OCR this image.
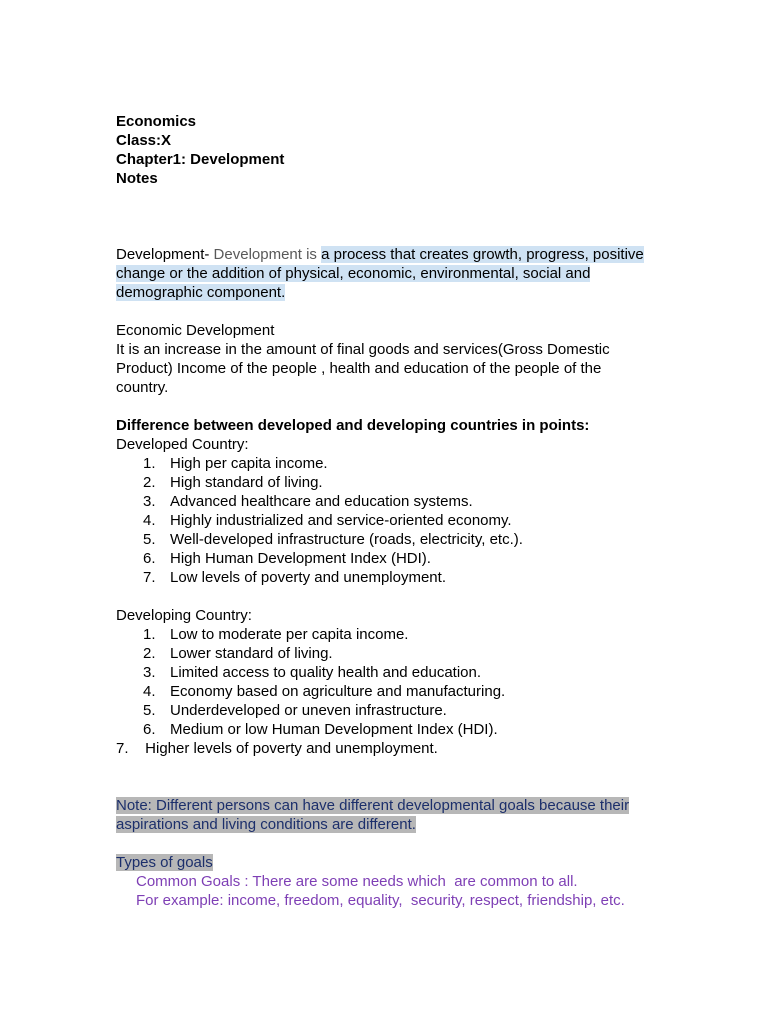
Economics
Class:X
Chapter1: Development
Notes
Development- Development is a process that creates growth, progress, positive change or the addition of physical, economic, environmental, social and demographic component.
Economic Development
It is an increase in the amount of final goods and services(Gross Domestic Product) Income of the people , health and education of the people of the country.
Difference between developed and developing countries in points:
Developed Country:
1. High per capita income.
2. High standard of living.
3. Advanced healthcare and education systems.
4. Highly industrialized and service-oriented economy.
5. Well-developed infrastructure (roads, electricity, etc.).
6. High Human Development Index (HDI).
7. Low levels of poverty and unemployment.
Developing Country:
1. Low to moderate per capita income.
2. Lower standard of living.
3. Limited access to quality health and education.
4. Economy based on agriculture and manufacturing.
5. Underdeveloped or uneven infrastructure.
6. Medium or low Human Development Index (HDI).
7.    Higher levels of poverty and unemployment.
Note: Different persons can have different developmental goals because their aspirations and living conditions are different.
Types of goals
Common Goals : There are some needs which  are common to all.
For example: income, freedom, equality,  security, respect, friendship, etc.
